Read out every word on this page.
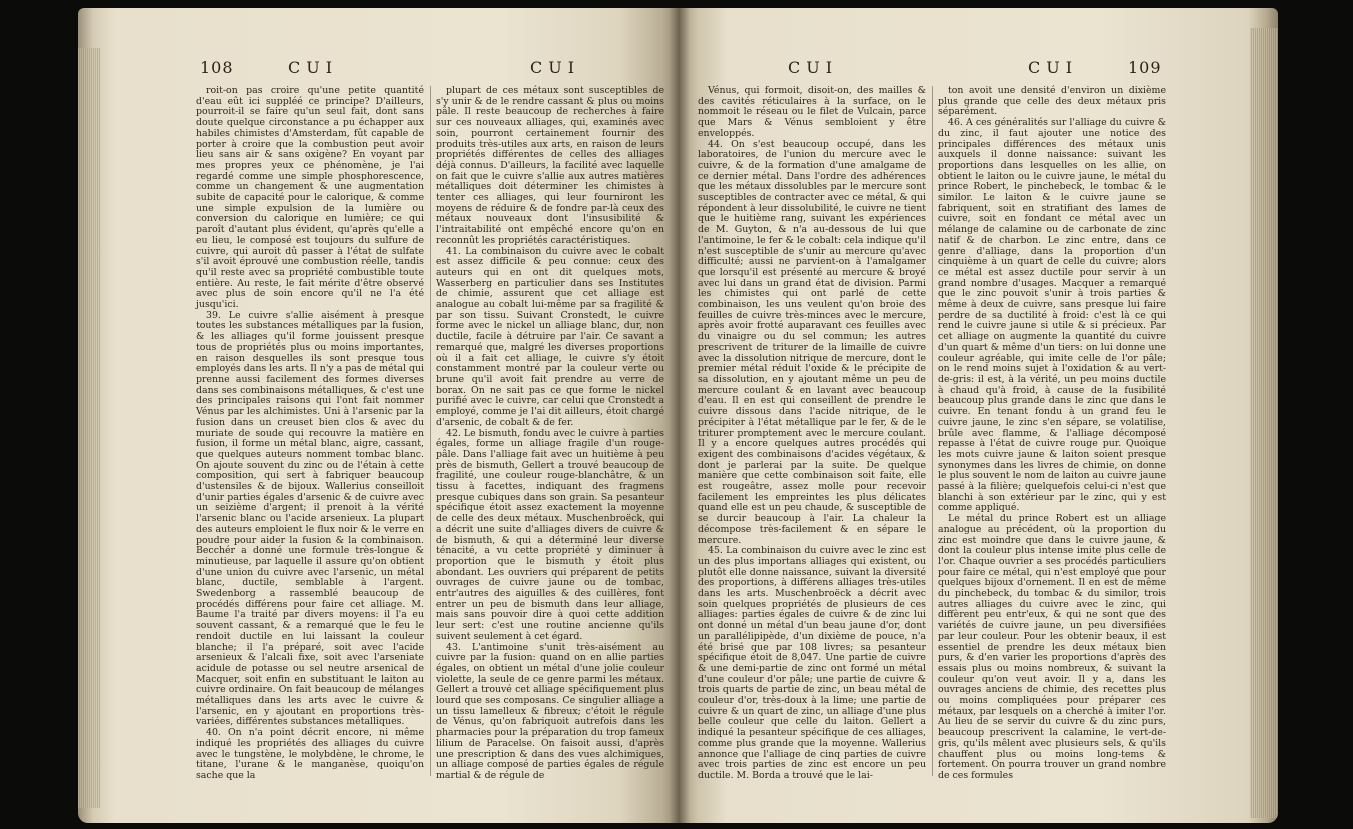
108	CUI	CUI

roit-on pas croire qu'une petite quantité d'eau eût ici suppléé ce principe? D'ailleurs, pourroit-il se faire qu'un seul fait, dont sans doute quelque circonstance a pu échapper aux habiles chimistes d'Amsterdam, fût capable de porter à croire que la combustion peut avoir lieu sans air & sans oxigène? En voyant par mes propres yeux ce phénomène, je l'ai regardé comme une simple phosphorescence, comme un changement & une augmentation subite de capacité pour le calorique, & comme une simple expulsion de la lumière ou conversion du calorique en lumière; ce qui paroît d'autant plus évident, qu'après qu'elle a eu lieu, le composé est toujours du sulfure de cuivre, qui auroit dû passer à l'état de sulfate s'il avoit éprouvé une combustion réelle, tandis qu'il reste avec sa propriété combustible toute entière. Au reste, le fait mérite d'être observé avec plus de soin encore qu'il ne l'a été jusqu'ici.

39. Le cuivre s'allie aisément à presque toutes les substances métalliques par la fusion, & les alliages qu'il forme jouissent presque tous de propriétés plus ou moins importantes, en raison desquelles ils sont presque tous employés dans les arts. Il n'y a pas de métal qui prenne aussi facilement des formes diverses dans ses combinaisons métalliques, & c'est une des principales raisons qui l'ont fait nommer Vénus par les alchimistes. Uni à l'arsenic par la fusion dans un creuset bien clos & avec du muriate de soude qui recouvre la matière en fusion, il forme un métal blanc, aigre, cassant, que quelques auteurs nomment tombac blanc. On ajoute souvent du zinc ou de l'étain à cette composition, qui sert à fabriquer beaucoup d'ustensiles & de bijoux. Wallerius conseilloit d'unir parties égales d'arsenic & de cuivre avec un seizième d'argent; il prenoit à la vérité l'arsenic blanc ou l'acide arsenieux. La plupart des auteurs emploient le flux noir & le verre en poudre pour aider la fusion & la combinaison. Becchér a donné une formule très-longue & minutieuse, par laquelle il assure qu'on obtient d'une union du cuivre avec l'arsenic, un métal blanc, ductile, semblable à l'argent. Swedenborg a rassemblé beaucoup de procédés différens pour faire cet alliage. M. Baume l'a traité par divers moyens: il l'a eu souvent cassant, & a remarqué que le feu le rendoit ductile en lui laissant la couleur blanche; il l'a préparé, soit avec l'acide arsenieux & l'alcali fixe, soit avec l'arseniate acidule de potasse ou sel neutre arsenical de Macquer, soit enfin en substituant le laiton au cuivre ordinaire. On fait beaucoup de mélanges métalliques dans les arts avec le cuivre & l'arsenic, en y ajoutant en proportions très-variées, différentes substances métalliques.

40. On n'a point décrit encore, ni même indiqué les propriétés des alliages du cuivre avec le tungstène, le molybdène, le chrome, le titane, l'urane & le manganèse, quoiqu'on sache que la

plupart de ces métaux sont susceptibles de s'y unir & de le rendre cassant & plus ou moins pâle. Il reste beaucoup de recherches à faire sur ces nouveaux alliages, qui, examinés avec soin, pourront certainement fournir des produits très-utiles aux arts, en raison de leurs propriétés différentes de celles des alliages déjà connus. D'ailleurs, la facilité avec laquelle on fait que le cuivre s'allie aux autres matières métalliques doit déterminer les chimistes à tenter ces alliages, qui leur fourniront les moyens de réduire & de fondre par-là ceux des métaux nouveaux dont l'insusibilité & l'intraitabilité ont empêché encore qu'on en reconnût les propriétés caractéristiques.

41. La combinaison du cuivre avec le cobalt est assez difficile & peu connue: ceux des auteurs qui en ont dit quelques mots, Wasserberg en particulier dans ses Institutes de chimie, assurent que cet alliage est analogue au cobalt lui-même par sa fragilité & par son tissu. Suivant Cronstedt, le cuivre forme avec le nickel un alliage blanc, dur, non ductile, facile à détruire par l'air. Ce savant a remarqué que, malgré les diverses proportions où il a fait cet alliage, le cuivre s'y étoit constamment montré par la couleur verte ou brune qu'il avoit fait prendre au verre de borax. On ne sait pas ce que forme le nickel purifié avec le cuivre, car celui que Cronstedt a employé, comme je l'ai dit ailleurs, étoit chargé d'arsenic, de cobalt & de fer.

42. Le bismuth, fondu avec le cuivre à parties égales, forme un alliage fragile d'un rouge-pâle. Dans l'alliage fait avec un huitième à peu près de bismuth, Gellert a trouvé beaucoup de fragilité, une couleur rouge-blanchâtre, & un tissu à facettes, indiquant des fragmens presque cubiques dans son grain. Sa pesanteur spécifique étoit assez exactement la moyenne de celle des deux métaux. Muschenbroëck, qui a décrit une suite d'alliages divers de cuivre & de bismuth, & qui a déterminé leur diverse ténacité, a vu cette propriété y diminuer à proportion que le bismuth y étoit plus abondant. Les ouvriers qui préparent de petits ouvrages de cuivre jaune ou de tombac, entr'autres des aiguilles & des cuillères, font entrer un peu de bismuth dans leur alliage, mais sans pouvoir dire à quoi cette addition leur sert: c'est une routine ancienne qu'ils suivent seulement à cet égard.

43. L'antimoine s'unit très-aisément au cuivre par la fusion: quand on en allie parties égales, on obtient un métal d'une jolie couleur violette, la seule de ce genre parmi les métaux. Gellert a trouvé cet alliage spécifiquement plus lourd que ses composans. Ce singulier alliage a un tissu lamelleux & fibreux; c'étoit le régule de Vénus, qu'on fabriquoit autrefois dans les pharmacies pour la préparation du trop fameux lilium de Paracelse. On faisoit aussi, d'après une prescription & dans des vues alchimiques, un alliage composé de parties égales de régule martial & de régule de

CUI	CUI	109

Vénus, qui formoit, disoit-on, des mailles & des cavités réticulaires à la surface, on le nommoit le réseau ou le filet de Vulcain, parce que Mars & Vénus sembloient y être enveloppés.

44. On s'est beaucoup occupé, dans les laboratoires, de l'union du mercure avec le cuivre, & de la formation d'une amalgame de ce dernier métal. Dans l'ordre des adhérences que les métaux dissolubles par le mercure sont susceptibles de contracter avec ce métal, & qui répondent à leur dissolubilité, le cuivre ne tient que le huitième rang, suivant les expériences de M. Guyton, & n'a au-dessous de lui que l'antimoine, le fer & le cobalt: cela indique qu'il n'est susceptible de s'unir au mercure qu'avec difficulté; aussi ne parvient-on à l'amalgamer que lorsqu'il est présenté au mercure & broyé avec lui dans un grand état de division. Parmi les chimistes qui ont parlé de cette combinaison, les uns veulent qu'on broie des feuilles de cuivre très-minces avec le mercure, après avoir frotté auparavant ces feuilles avec du vinaigre ou du sel commun; les autres prescrivent de triturer de la limaille de cuivre avec la dissolution nitrique de mercure, dont le premier métal réduit l'oxide & le précipite de sa dissolution, en y ajoutant même un peu de mercure coulant & en lavant avec beaucoup d'eau. Il en est qui conseillent de prendre le cuivre dissous dans l'acide nitrique, de le précipiter à l'état métallique par le fer, & de le triturer promptement avec le mercure coulant. Il y a encore quelques autres procédés qui exigent des combinaisons d'acides végétaux, & dont je parlerai par la suite. De quelque manière que cette combinaison soit faite, elle est rougeâtre, assez molle pour recevoir facilement les empreintes les plus délicates quand elle est un peu chaude, & susceptible de se durcir beaucoup à l'air. La chaleur la décompose très-facilement & en sépare le mercure.

45. La combinaison du cuivre avec le zinc est un des plus importans alliages qui existent, ou plutôt elle donne naissance, suivant la diversité des proportions, à différens alliages très-utiles dans les arts. Muschenbroëck a décrit avec soin quelques propriétés de plusieurs de ces alliages: parties égales de cuivre & de zinc lui ont donné un métal d'un beau jaune d'or, dont un parallélipipède, d'un dixième de pouce, n'a été brisé que par 108 livres; sa pesanteur spécifique étoit de 8,047. Une partie de cuivre & une demi-partie de zinc ont formé un métal d'une couleur d'or pâle; une partie de cuivre & trois quarts de partie de zinc, un beau métal de couleur d'or, très-doux à la lime; une partie de cuivre & un quart de zinc, un alliage d'une plus belle couleur que celle du laiton. Gellert a indiqué la pesanteur spécifique de ces alliages, comme plus grande que la moyenne. Wallerius annonce que l'alliage de cinq parties de cuivre avec trois parties de zinc est encore un peu ductile. M. Borda a trouvé que le lai-

ton avoit une densité d'environ un dixième plus grande que celle des deux métaux pris séparément.

46. A ces généralités sur l'alliage du cuivre & du zinc, il faut ajouter une notice des principales différences des métaux unis auxquels il donne naissance: suivant les proportions dans lesquelles on les allie, on obtient le laiton ou le cuivre jaune, le métal du prince Robert, le pinchebeck, le tombac & le similor. Le laiton & le cuivre jaune se fabriquent, soit en stratifiant des lames de cuivre, soit en fondant ce métal avec un mélange de calamine ou de carbonate de zinc natif & de charbon. Le zinc entre, dans ce genre d'alliage, dans la proportion d'un cinquième à un quart de celle du cuivre; alors ce métal est assez ductile pour servir à un grand nombre d'usages. Macquer a remarqué que le zinc pouvoit s'unir à trois parties & même à deux de cuivre, sans presque lui faire perdre de sa ductilité à froid: c'est là ce qui rend le cuivre jaune si utile & si précieux. Par cet alliage on augmente la quantité du cuivre d'un quart & même d'un tiers: on lui donne une couleur agréable, qui imite celle de l'or pâle; on le rend moins sujet à l'oxidation & au vert-de-gris: il est, à la vérité, un peu moins ductile à chaud qu'à froid, à cause de la fusibilité beaucoup plus grande dans le zinc que dans le cuivre. En tenant fondu à un grand feu le cuivre jaune, le zinc s'en sépare, se volatilise, brûle avec flamme, & l'alliage décomposé repasse à l'état de cuivre rouge pur. Quoique les mots cuivre jaune & laiton soient presque synonymes dans les livres de chimie, on donne le plus souvent le nom de laiton au cuivre jaune passé à la filière; quelquefois celui-ci n'est que blanchi à son extérieur par le zinc, qui y est comme appliqué.

Le métal du prince Robert est un alliage analogue au précédent, où la proportion du zinc est moindre que dans le cuivre jaune, & dont la couleur plus intense imite plus celle de l'or. Chaque ouvrier a ses procédés particuliers pour faire ce métal, qui n'est employé que pour quelques bijoux d'ornement. Il en est de même du pinchebeck, du tombac & du similor, trois autres alliages du cuivre avec le zinc, qui diffèrent peu entr'eux, & qui ne sont que des variétés de cuivre jaune, un peu diversifiées par leur couleur. Pour les obtenir beaux, il est essentiel de prendre les deux métaux bien purs, & d'en varier les proportions d'après des essais plus ou moins nombreux, & suivant la couleur qu'on veut avoir. Il y a, dans les ouvrages anciens de chimie, des recettes plus ou moins compliquées pour préparer ces métaux, par lesquels on a cherché à imiter l'or. Au lieu de se servir du cuivre & du zinc purs, beaucoup prescrivent la calamine, le vert-de-gris, qu'ils mêlent avec plusieurs sels, & qu'ils chauffent plus ou moins long-tems & fortement. On pourra trouver un grand nombre de ces formules
